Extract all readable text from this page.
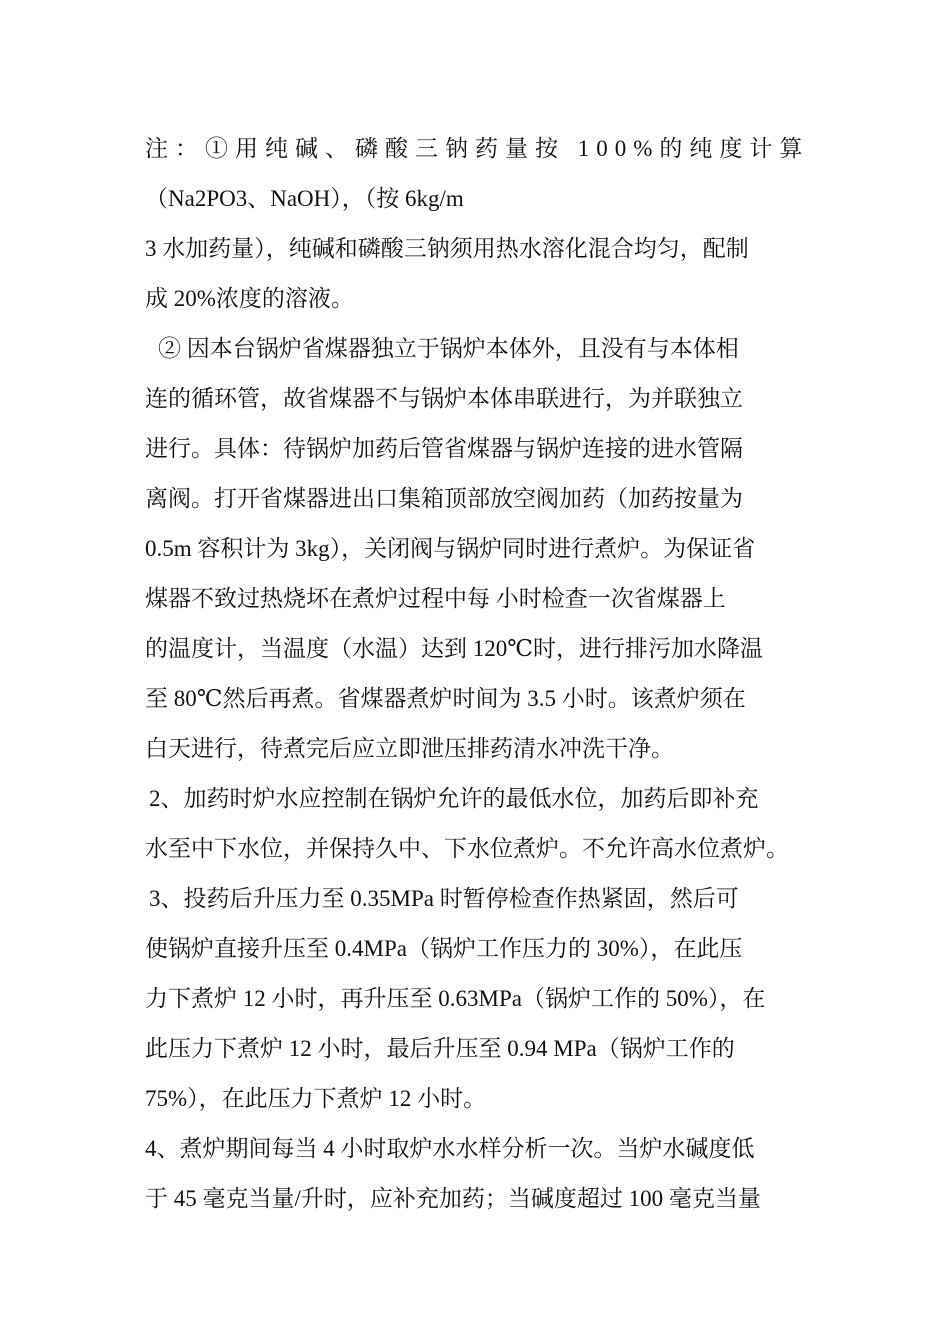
注：①用纯碱、磷酸三钠药量按 100%的纯度计算
（Na2PO3、NaOH），（按 6kg/m
3 水加药量），纯碱和磷酸三钠须用热水溶化混合均匀，配制
成 20%浓度的溶液。
② 因本台锅炉省煤器独立于锅炉本体外，且没有与本体相
连的循环管，故省煤器不与锅炉本体串联进行，为并联独立
进行。具体：待锅炉加药后管省煤器与锅炉连接的进水管隔
离阀。打开省煤器进出口集箱顶部放空阀加药（加药按量为
0.5m 容积计为 3kg），关闭阀与锅炉同时进行煮炉。为保证省
煤器不致过热烧坏在煮炉过程中每 小时检查一次省煤器上
的温度计，当温度（水温）达到 120℃时，进行排污加水降温
至 80℃然后再煮。省煤器煮炉时间为 3.5 小时。该煮炉须在
白天进行，待煮完后应立即泄压排药清水冲洗干净。
2、加药时炉水应控制在锅炉允许的最低水位，加药后即补充
水至中下水位，并保持久中、下水位煮炉。不允许高水位煮炉。
3、投药后升压力至 0.35MPa 时暂停检查作热紧固，然后可
使锅炉直接升压至 0.4MPa（锅炉工作压力的 30%），在此压
力下煮炉 12 小时，再升压至 0.63MPa（锅炉工作的 50%），在
此压力下煮炉 12 小时，最后升压至 0.94 MPa（锅炉工作的
75%），在此压力下煮炉 12 小时。
4、煮炉期间每当 4 小时取炉水水样分析一次。当炉水碱度低
于 45 毫克当量/升时，应补充加药；当碱度超过 100 毫克当量
